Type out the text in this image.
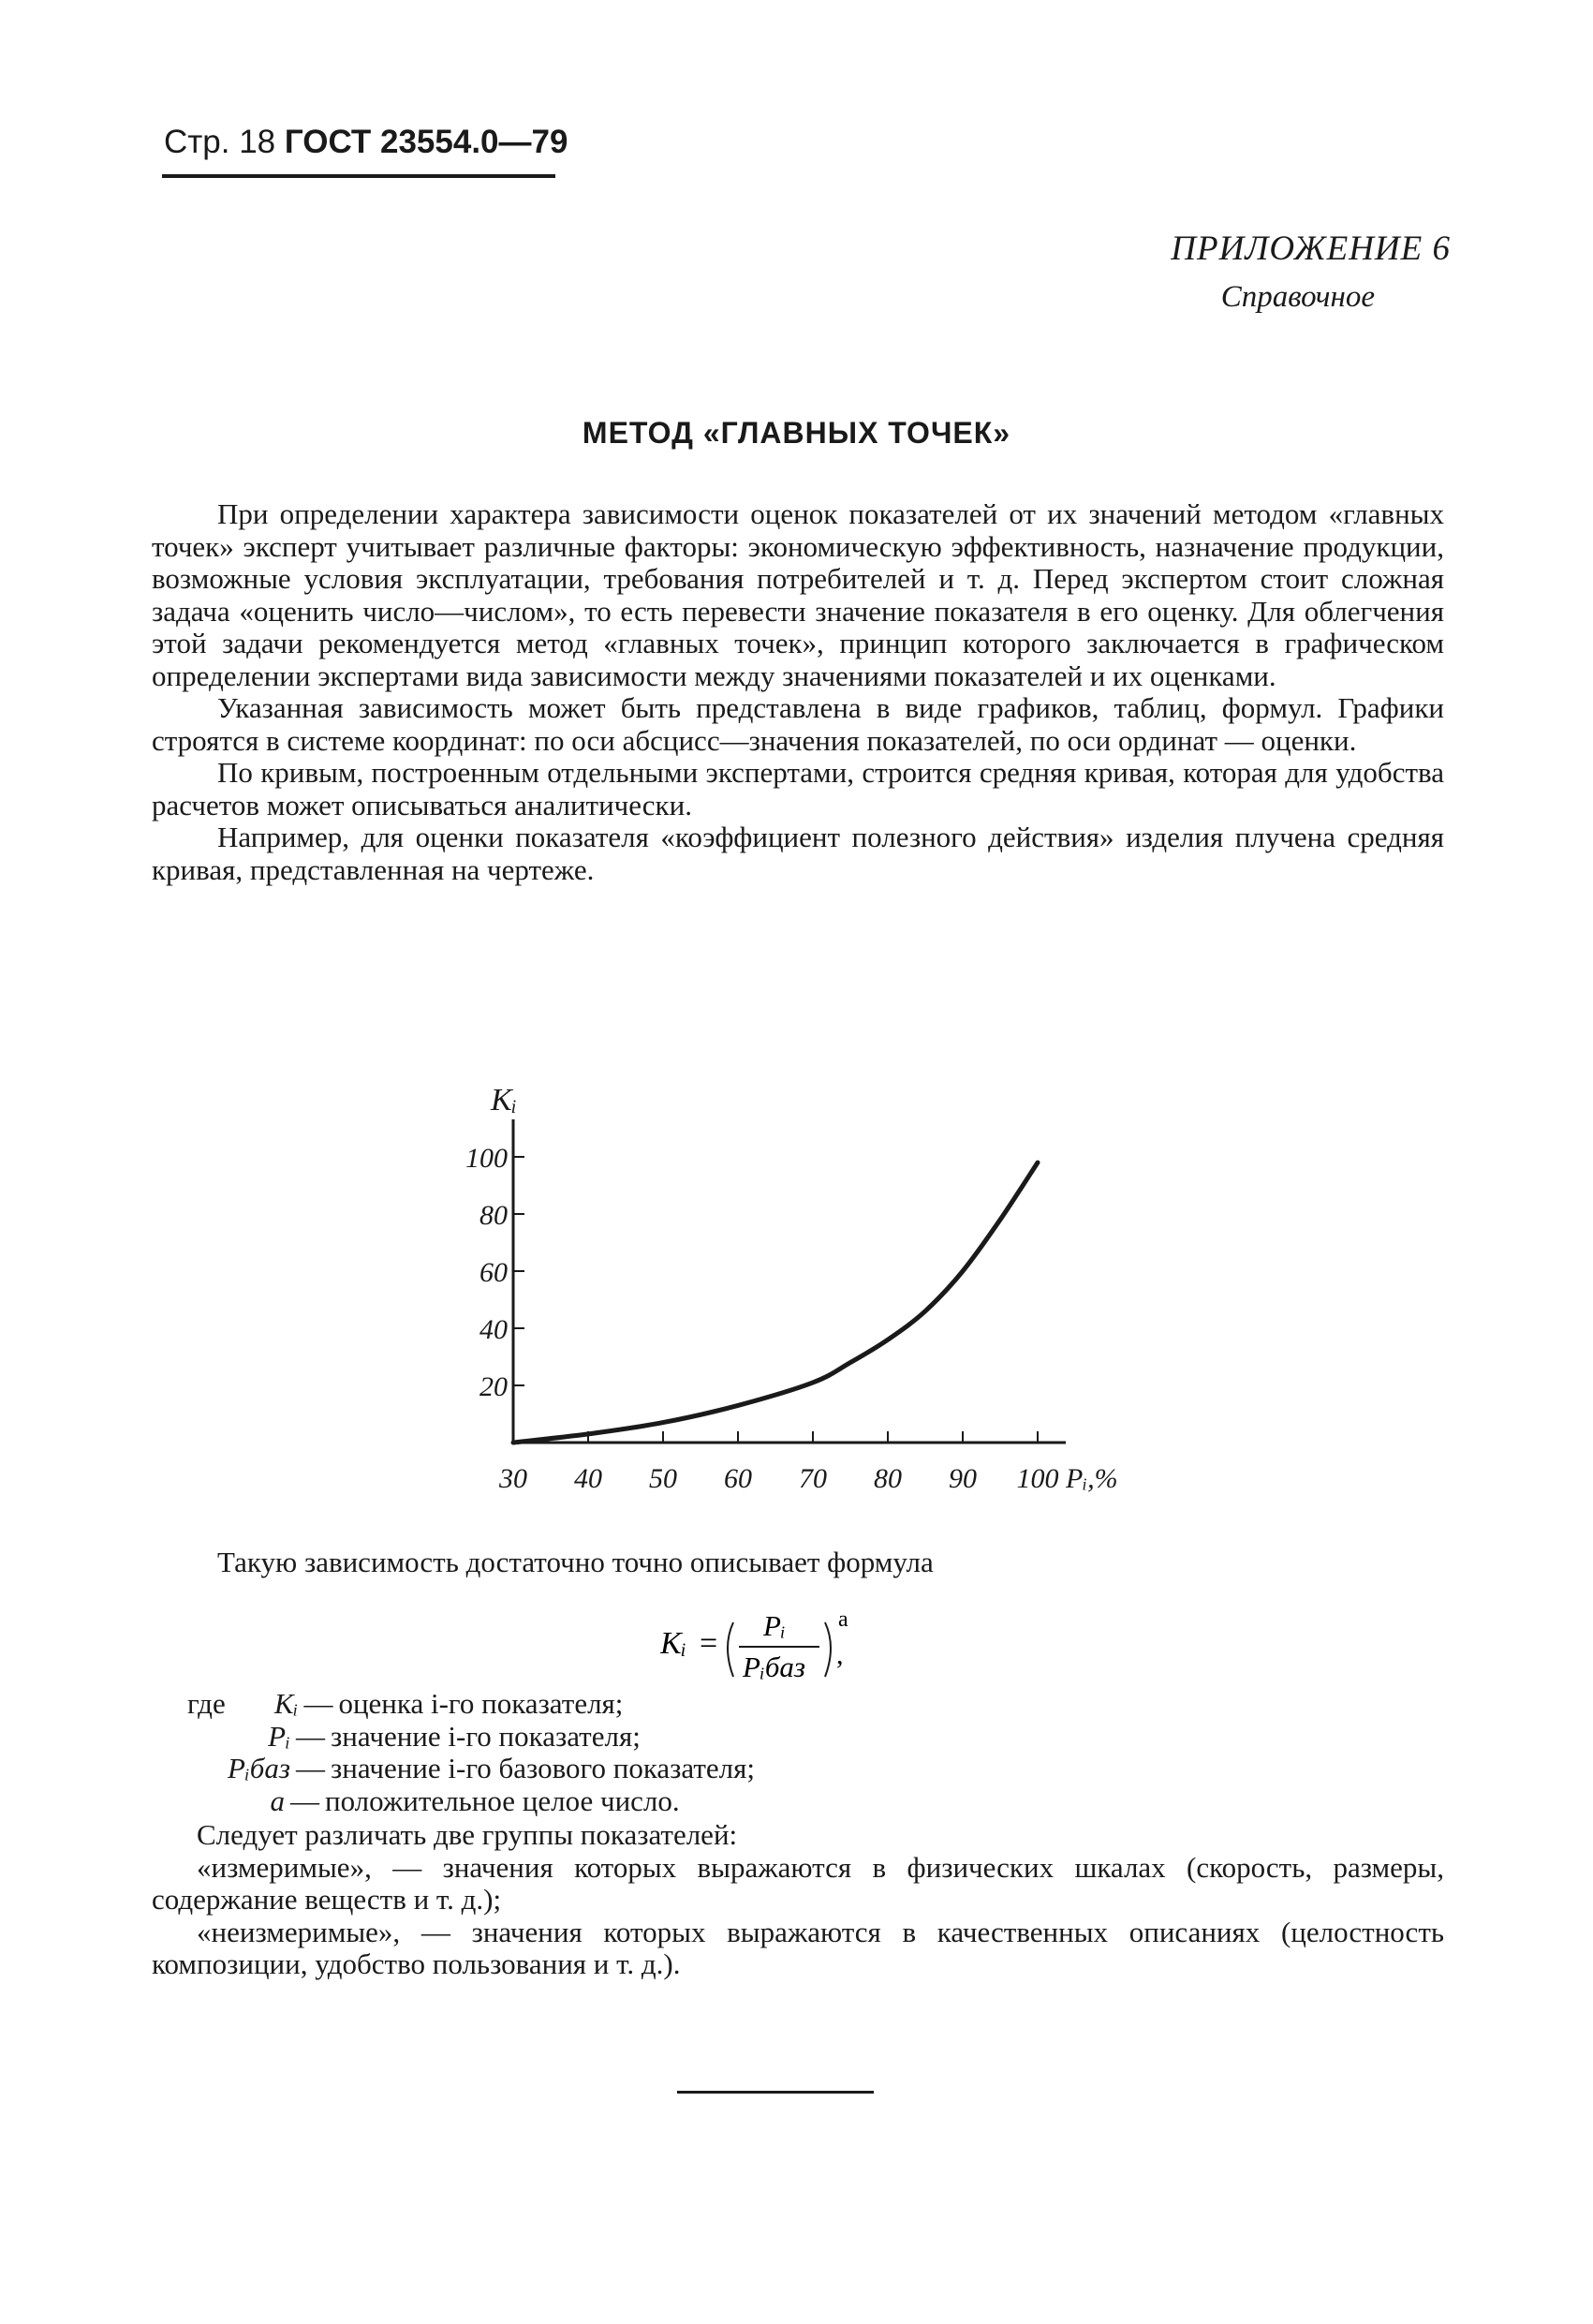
Стр. 18 ГОСТ 23554.0—79
ПРИЛОЖЕНИЕ 6
Справочное
МЕТОД «ГЛАВНЫХ ТОЧЕК»

При определении характера зависимости оценок показателей от их значений методом «главных точек» эксперт учитывает различные факторы: экономическую эффективность, назначение продукции, возможные условия эксплуатации, требования потребителей и т. д. Перед экспертом стоит сложная задача «оценить число—числом», то есть перевести значение показателя в его оценку. Для облегчения этой задачи рекомендуется метод «главных точек», принцип которого заключается в графическом определении экспертами вида зависимости между значениями показателей и их оценками.

Указанная зависимость может быть представлена в виде графиков, таблиц, формул. Графики строятся в системе координат: по оси абсцисс—значения показателей, по оси ординат — оценки.

По кривым, построенным отдельными экспертами, строится средняя кривая, которая для удобства расчетов может описываться аналитически.

Например, для оценки показателя «коэффициент полезного действия» изделия плучена средняя кривая, представленная на чертеже.

20
40
60
80
100
30 40 50 60 70 80 90 100
Kᵢ
Pᵢ,%
Такую зависимость достаточно точно описывает формула
Kᵢ =
Pᵢ
Pᵢбаз
a
,
где Kᵢ — оценка i-го показателя;
Pᵢ — значение i-го показателя;
Pᵢбаз — значение i-го базового показателя;
a — положительное целое число.

Следует различать две группы показателей:

«измеримые», — значения которых выражаются в физических шкалах (скорость, размеры, содержание веществ и т. д.);

«неизмеримые», — значения которых выражаются в качественных описаниях (целостность композиции, удобство пользования и т. д.).
